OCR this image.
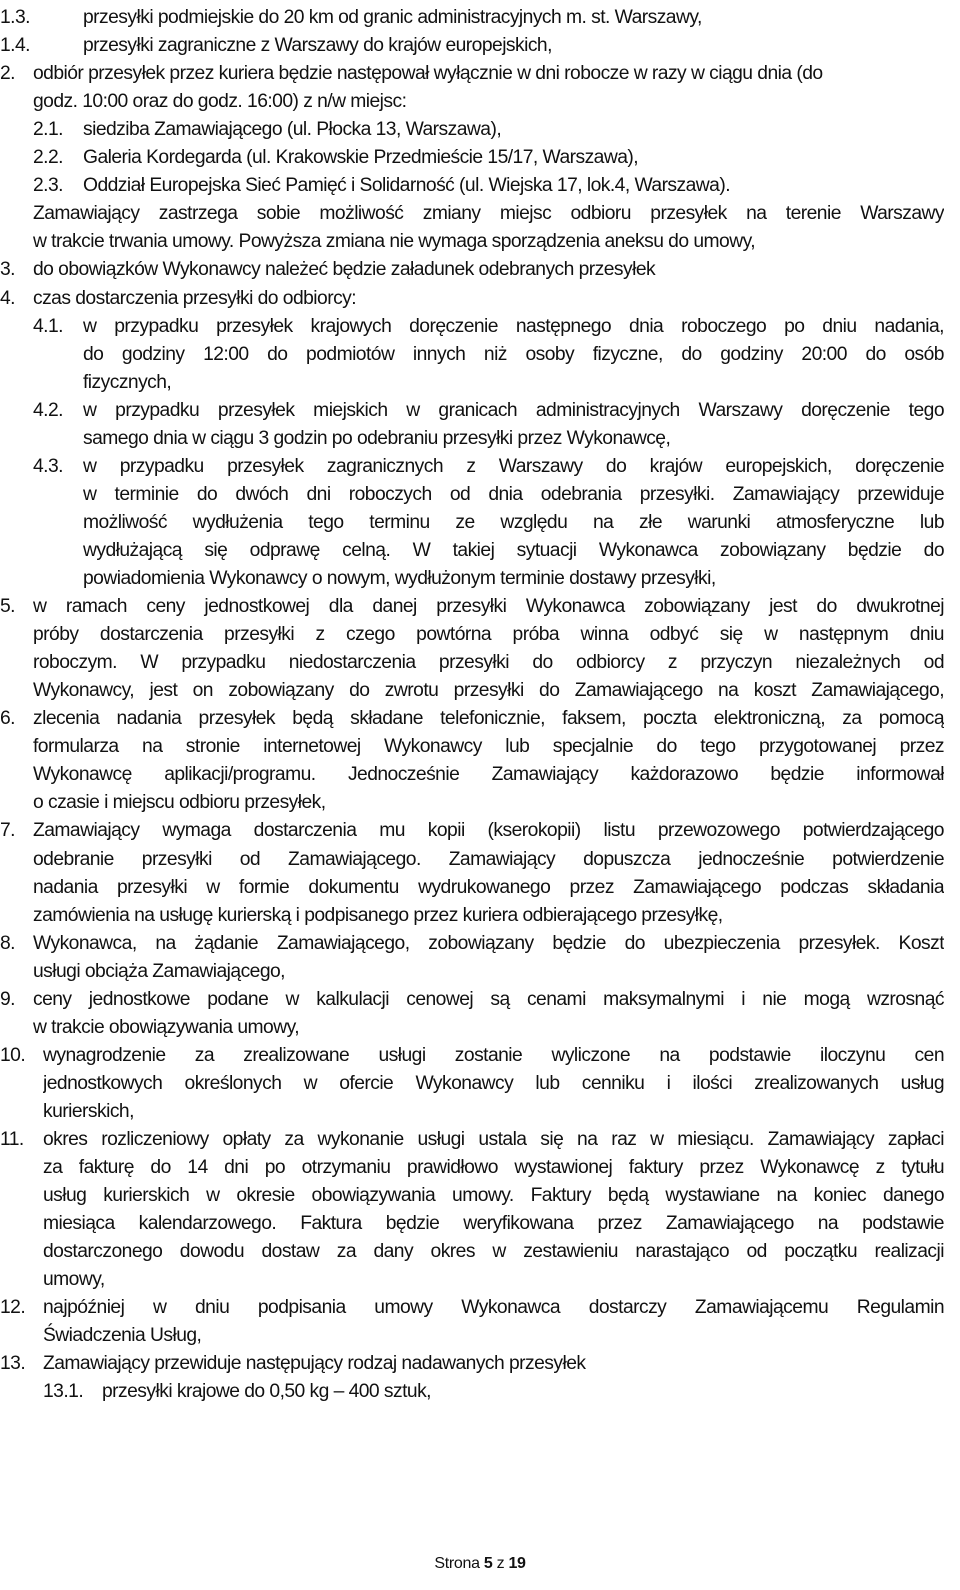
1.3.	przesyłki podmiejskie do 20 km od granic administracyjnych m. st. Warszawy,
1.4.	przesyłki zagraniczne z Warszawy do krajów europejskich,
2. odbiór przesyłek przez kuriera będzie następował wyłącznie w dni robocze w razy w ciągu dnia (do
godz. 10:00 oraz do godz. 16:00) z n/w miejsc:
2.1. siedziba Zamawiającego (ul. Płocka 13, Warszawa),
2.2. Galeria Kordegarda (ul. Krakowskie Przedmieście 15/17, Warszawa),
2.3. Oddział Europejska Sieć Pamięć i Solidarność (ul. Wiejska 17, lok.4, Warszawa).
Zamawiający zastrzega sobie możliwość zmiany miejsc odbioru przesyłek na terenie Warszawy
w trakcie trwania umowy. Powyższa zmiana nie wymaga sporządzenia aneksu do umowy,
3. do obowiązków Wykonawcy należeć będzie załadunek odebranych przesyłek
4. czas dostarczenia przesyłki do odbiorcy:
4.1. w przypadku przesyłek krajowych doręczenie następnego dnia roboczego po dniu nadania,
do godziny 12:00 do podmiotów innych niż osoby fizyczne, do godziny 20:00 do osób
fizycznych,
4.2. w przypadku przesyłek miejskich w granicach administracyjnych Warszawy doręczenie tego
samego dnia w ciągu 3 godzin po odebraniu przesyłki przez Wykonawcę,
4.3. w przypadku przesyłek zagranicznych z Warszawy do krajów europejskich, doręczenie
w terminie do dwóch dni roboczych od dnia odebrania przesyłki. Zamawiający przewiduje
możliwość wydłużenia tego terminu ze względu na złe warunki atmosferyczne lub
wydłużającą się odprawę celną. W takiej sytuacji Wykonawca zobowiązany będzie do
powiadomienia Wykonawcy o nowym, wydłużonym terminie dostawy przesyłki,
5. w ramach ceny jednostkowej dla danej przesyłki Wykonawca zobowiązany jest do dwukrotnej
próby dostarczenia przesyłki z czego powtórna próba winna odbyć się w następnym dniu
roboczym. W przypadku niedostarczenia przesyłki do odbiorcy z przyczyn niezależnych od
Wykonawcy, jest on zobowiązany do zwrotu przesyłki do Zamawiającego na koszt Zamawiającego,
6. zlecenia nadania przesyłek będą składane telefonicznie, faksem, poczta elektroniczną, za pomocą
formularza na stronie internetowej Wykonawcy lub specjalnie do tego przygotowanej przez
Wykonawcę aplikacji/programu. Jednocześnie Zamawiający każdorazowo będzie informował
o czasie i miejscu odbioru przesyłek,
7. Zamawiający wymaga dostarczenia mu kopii (kserokopii) listu przewozowego potwierdzającego
odebranie przesyłki od Zamawiającego. Zamawiający dopuszcza jednocześnie potwierdzenie
nadania przesyłki w formie dokumentu wydrukowanego przez Zamawiającego podczas składania
zamówienia na usługę kurierską i podpisanego przez kuriera odbierającego przesyłkę,
8. Wykonawca, na żądanie Zamawiającego, zobowiązany będzie do ubezpieczenia przesyłek. Koszt
usługi obciąża Zamawiającego,
9. ceny jednostkowe podane w kalkulacji cenowej są cenami maksymalnymi i nie mogą wzrosnąć
w trakcie obowiązywania umowy,
10. wynagrodzenie za zrealizowane usługi zostanie wyliczone na podstawie iloczynu cen
jednostkowych określonych w ofercie Wykonawcy lub cenniku i ilości zrealizowanych usług
kurierskich,
11. okres rozliczeniowy opłaty za wykonanie usługi ustala się na raz w miesiącu. Zamawiający zapłaci
za fakturę do 14 dni po otrzymaniu prawidłowo wystawionej faktury przez Wykonawcę z tytułu
usług kurierskich w okresie obowiązywania umowy. Faktury będą wystawiane na koniec danego
miesiąca kalendarzowego. Faktura będzie weryfikowana przez Zamawiającego na podstawie
dostarczonego dowodu dostaw za dany okres w zestawieniu narastająco od początku realizacji
umowy,
12. najpóźniej w dniu podpisania umowy Wykonawca dostarczy Zamawiającemu Regulamin
Świadczenia Usług,
13. Zamawiający przewiduje następujący rodzaj nadawanych przesyłek
13.1. przesyłki krajowe do 0,50 kg – 400 sztuk,
Strona 5 z 19
